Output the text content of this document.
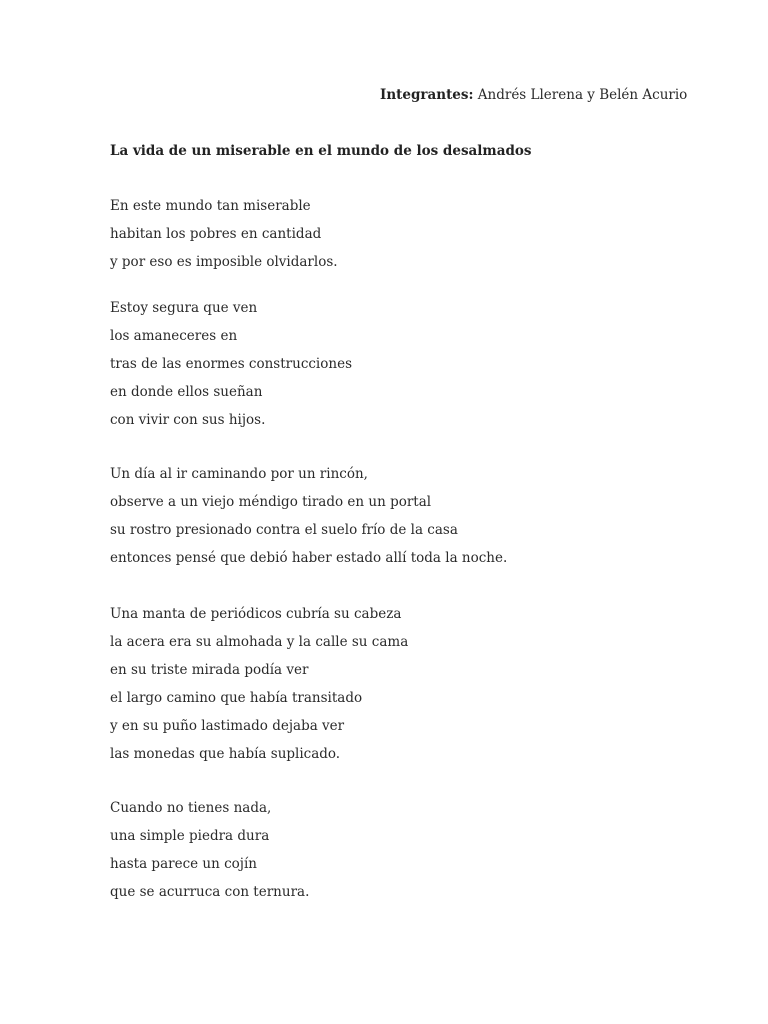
Integrantes: Andrés Llerena y Belén Acurio
La vida de un miserable en el mundo de los desalmados
En este mundo tan miserable
habitan los pobres en cantidad
y por eso es imposible olvidarlos.
Estoy segura que ven
los amaneceres en
tras de las enormes construcciones
en donde ellos sueñan
con vivir con sus hijos.
Un día al ir caminando por un rincón,
observe a un viejo méndigo tirado en un portal
su rostro presionado contra el suelo frío de la casa
entonces pensé que debió haber estado allí toda la noche.
Una manta de periódicos cubría su cabeza
la acera era su almohada y la calle su cama
en su triste mirada podía ver
el largo camino que había transitado
y en su puño lastimado dejaba ver
las monedas que había suplicado.
Cuando no tienes nada,
una simple piedra dura
hasta parece un cojín
que se acurruca con ternura.
